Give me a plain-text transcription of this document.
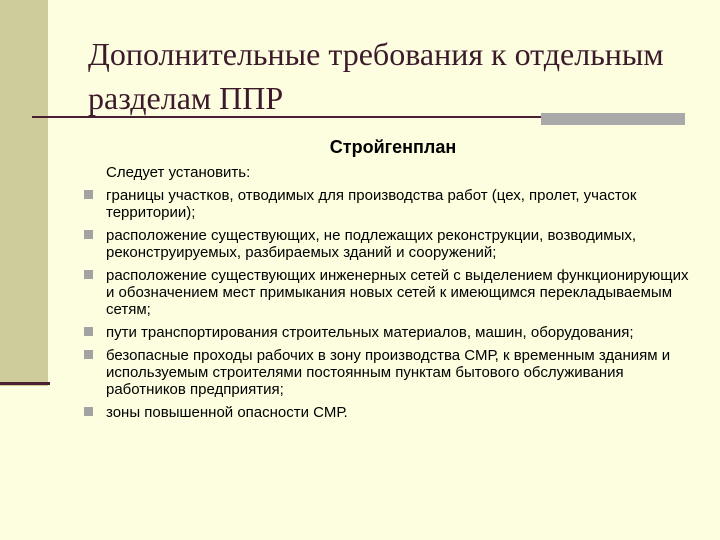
Дополнительные требования к отдельным разделам ППР
Стройгенплан
Следует установить:
границы участков, отводимых для производства работ (цех, пролет, участок территории);
расположение существующих, не подлежащих реконструкции, возводимых, реконструируемых, разбираемых зданий и сооружений;
расположение существующих инженерных сетей с выделением функционирующих и обозначением мест примыкания новых сетей к имеющимся перекладываемым сетям;
пути транспортирования строительных материалов, машин, оборудования;
безопасные проходы рабочих в зону производства СМР, к временным зданиям и используемым строителями постоянным пунктам бытового обслуживания работников предприятия;
зоны повышенной опасности СМР.
